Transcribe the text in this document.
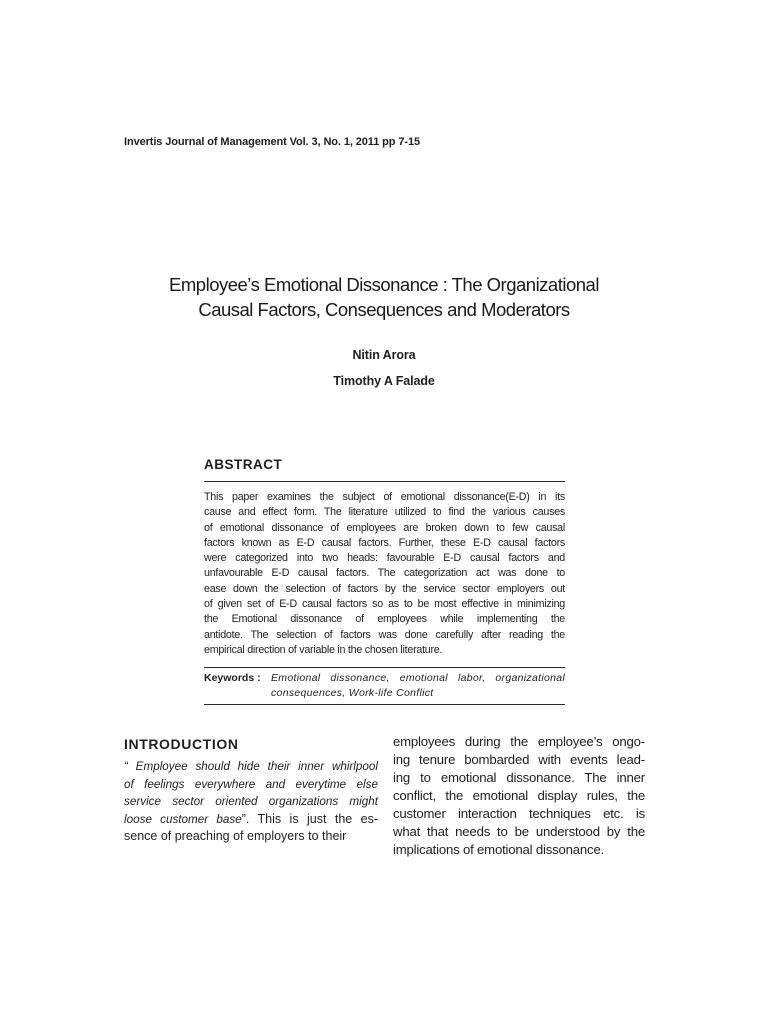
Invertis Journal of Management Vol. 3, No. 1, 2011 pp 7-15
Employee’s Emotional Dissonance : The Organizational
Causal Factors, Consequences and Moderators
Nitin Arora
Timothy A Falade
ABSTRACT

This paper examines the subject of emotional dissonance(E-D) in its
cause and effect form. The literature utilized to find the various causes
of emotional dissonance of employees are broken down to few causal
factors known as E-D causal factors. Further, these E-D causal factors
were categorized into two heads: favourable E-D causal factors and
unfavourable E-D causal factors. The categorization act was done to
ease down the selection of factors by the service sector employers out
of given set of E-D causal factors so as to be most effective in minimizing
the Emotional dissonance of employees while implementing the
antidote. The selection of factors was done carefully after reading the
empirical direction of variable in the chosen literature.

Keywords : Emotional dissonance, emotional labor, organizational
consequences, Work-life Conflict
INTRODUCTION

“ Employee should hide their inner whirlpool
of feelings everywhere and everytime else
service sector oriented organizations might
loose customer base”. This is just the es-
sence of preaching of employers to their

employees during the employee’s ongo-
ing tenure bombarded with events lead-
ing to emotional dissonance. The inner
conflict, the emotional display rules, the
customer interaction techniques etc. is
what that needs to be understood by the
implications of emotional dissonance.
